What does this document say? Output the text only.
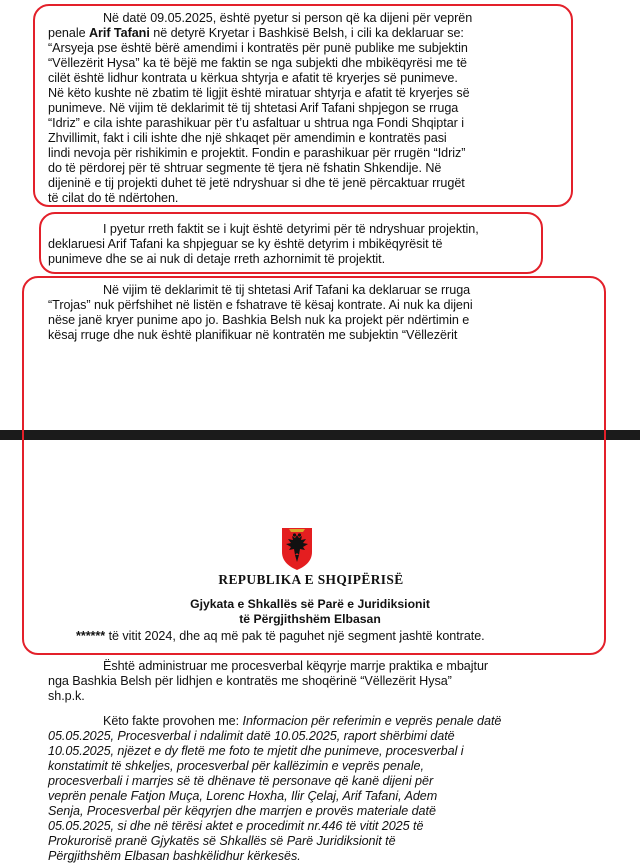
Në datë 09.05.2025, është pyetur si person që ka dijeni për veprën
penale Arif Tafani në detyrë Kryetar i Bashkisë Belsh, i cili ka deklaruar se:
“Arsyeja pse është bërë amendimi i kontratës për punë publike me subjektin
“Vëllezërit Hysa” ka të bëjë me faktin se nga subjekti dhe mbikëqyrësi me të
cilët është lidhur kontrata u kërkua shtyrja e afatit të kryerjes së punimeve.
Në këto kushte në zbatim të ligjit është miratuar shtyrja e afatit të kryerjes së
punimeve. Në vijim të deklarimit të tij shtetasi Arif Tafani shpjegon se rruga
“Idriz” e cila ishte parashikuar për t’u asfaltuar u shtrua nga Fondi Shqiptar i
Zhvillimit, fakt i cili ishte dhe një shkaqet për amendimin e kontratës pasi
lindi nevoja për rishikimin e projektit. Fondin e parashikuar për rrugën “Idriz”
do të përdorej për të shtruar segmente të tjera në fshatin Shkendije. Në
dijeninë e tij projekti duhet të jetë ndryshuar si dhe të jenë përcaktuar rrugët
të cilat do të ndërtohen.
I pyetur rreth faktit se i kujt është detyrimi për të ndryshuar projektin,
deklaruesi Arif Tafani ka shpjeguar se ky është detyrim i mbikëqyrësit të
punimeve dhe se ai nuk di detaje rreth azhornimit të projektit.
Në vijim të deklarimit të tij shtetasi Arif Tafani ka deklaruar se rruga
“Trojas” nuk përfshihet në listën e fshatrave të kësaj kontrate. Ai nuk ka dijeni
nëse janë kryer punime apo jo. Bashkia Belsh nuk ka projekt për ndërtimin e
kësaj rruge dhe nuk është planifikuar në kontratën me subjektin “Vëllezërit
REPUBLIKA E SHQIPËRISË
Gjykata e Shkallës së Parë e Juridiksionit
të Përgjithshëm Elbasan
****** të vitit 2024, dhe aq më pak të paguhet një segment jashtë kontrate.
Është administruar me procesverbal këqyrje marrje praktika e mbajtur
nga Bashkia Belsh për lidhjen e kontratës me shoqërinë “Vëllezërit Hysa”
sh.p.k.
Këto fakte provohen me: Informacion për referimin e veprës penale datë
05.05.2025, Procesverbal i ndalimit datë 10.05.2025, raport shërbimi datë
10.05.2025, njëzet e dy fletë me foto te mjetit dhe punimeve, procesverbal i
konstatimit të shkeljes, procesverbal për kallëzimin e veprës penale,
procesverbali i marrjes së të dhënave të personave që kanë dijeni për
veprën penale Fatjon Muça, Lorenc Hoxha, Ilir Çelaj, Arif Tafani, Adem
Senja, Procesverbal për këqyrjen dhe marrjen e provës materiale datë
05.05.2025, si dhe në tërësi aktet e procedimit nr.446 të vitit 2025 të
Prokurorisë pranë Gjykatës së Shkallës së Parë Juridiksionit të
Përgjithshëm Elbasan bashkëlidhur kërkesës.
